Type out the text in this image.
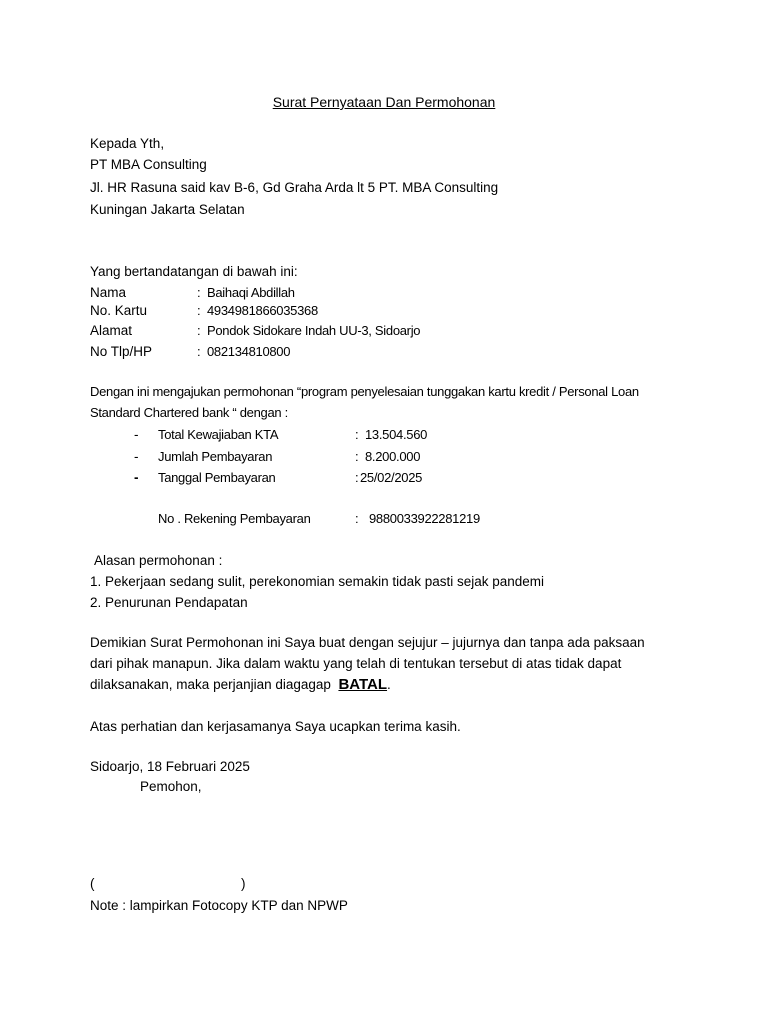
Surat Pernyataan Dan Permohonan
Kepada Yth,
PT MBA Consulting
Jl. HR Rasuna said kav B-6, Gd Graha Arda lt 5 PT. MBA Consulting
Kuningan Jakarta Selatan
Yang bertandatangan di bawah ini:
Nama	: Baihaqi Abdillah
No. Kartu	: 4934981866035368
Alamat	: Pondok Sidokare Indah UU-3, Sidoarjo
No Tlp/HP	: 082134810800
Dengan ini mengajukan permohonan “program penyelesaian tunggakan kartu kredit / Personal Loan
Standard Chartered bank “ dengan :
- Total Kewajiaban KTA	: 13.504.560
- Jumlah Pembayaran	: 8.200.000
- Tanggal Pembayaran	: 25/02/2025
No . Rekening Pembayaran	: 9880033922281219
Alasan permohonan :
1. Pekerjaan sedang sulit, perekonomian semakin tidak pasti sejak pandemi
2. Penurunan Pendapatan
Demikian Surat Permohonan ini Saya buat dengan sejujur – jujurnya dan tanpa ada paksaan
dari pihak manapun. Jika dalam waktu yang telah di tentukan tersebut di atas tidak dapat
dilaksanakan, maka perjanjian diagagap BATAL.
Atas perhatian dan kerjasamanya Saya ucapkan terima kasih.
Sidoarjo, 18 Februari 2025
Pemohon,
(	)
Note : lampirkan Fotocopy KTP dan NPWP
